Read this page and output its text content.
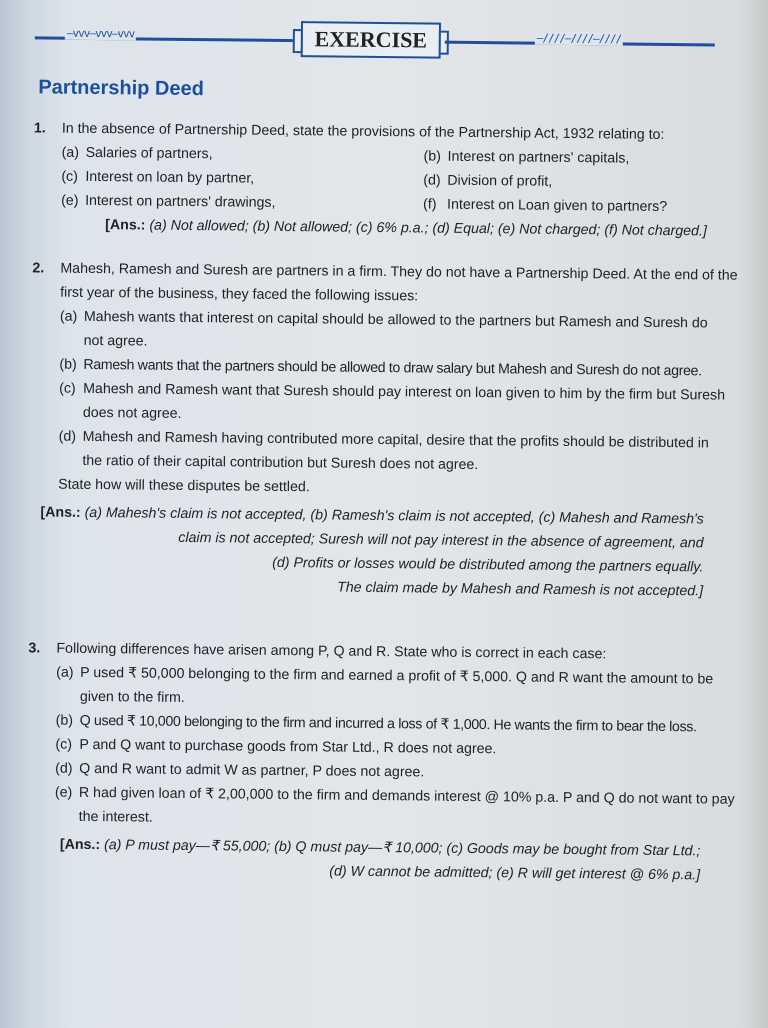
—vvv—vvv—vvv	EXERCISE	—////—////—////
Partnership Deed
1.	In the absence of Partnership Deed, state the provisions of the Partnership Act, 1932 relating to:
(a) Salaries of partners,	(b) Interest on partners' capitals,
(c) Interest on loan by partner,	(d) Division of profit,
(e) Interest on partners' drawings,	(f) Interest on Loan given to partners?
[Ans.: (a) Not allowed; (b) Not allowed; (c) 6% p.a.; (d) Equal; (e) Not charged; (f) Not charged.]
2.	Mahesh, Ramesh and Suresh are partners in a firm. They do not have a Partnership Deed. At the end of the
first year of the business, they faced the following issues:
(a) Mahesh wants that interest on capital should be allowed to the partners but Ramesh and Suresh do
not agree.
(b) Ramesh wants that the partners should be allowed to draw salary but Mahesh and Suresh do not agree.
(c) Mahesh and Ramesh want that Suresh should pay interest on loan given to him by the firm but Suresh
does not agree.
(d) Mahesh and Ramesh having contributed more capital, desire that the profits should be distributed in
the ratio of their capital contribution but Suresh does not agree.
State how will these disputes be settled.
[Ans.: (a) Mahesh's claim is not accepted, (b) Ramesh's claim is not accepted, (c) Mahesh and Ramesh's
claim is not accepted; Suresh will not pay interest in the absence of agreement, and
(d) Profits or losses would be distributed among the partners equally.
The claim made by Mahesh and Ramesh is not accepted.]
3.	Following differences have arisen among P, Q and R. State who is correct in each case:
(a) P used ₹ 50,000 belonging to the firm and earned a profit of ₹ 5,000. Q and R want the amount to be
given to the firm.
(b) Q used ₹ 10,000 belonging to the firm and incurred a loss of ₹ 1,000. He wants the firm to bear the loss.
(c) P and Q want to purchase goods from Star Ltd., R does not agree.
(d) Q and R want to admit W as partner, P does not agree.
(e) R had given loan of ₹ 2,00,000 to the firm and demands interest @ 10% p.a. P and Q do not want to pay
the interest.
[Ans.: (a) P must pay—₹ 55,000; (b) Q must pay—₹ 10,000; (c) Goods may be bought from Star Ltd.;
(d) W cannot be admitted; (e) R will get interest @ 6% p.a.]
